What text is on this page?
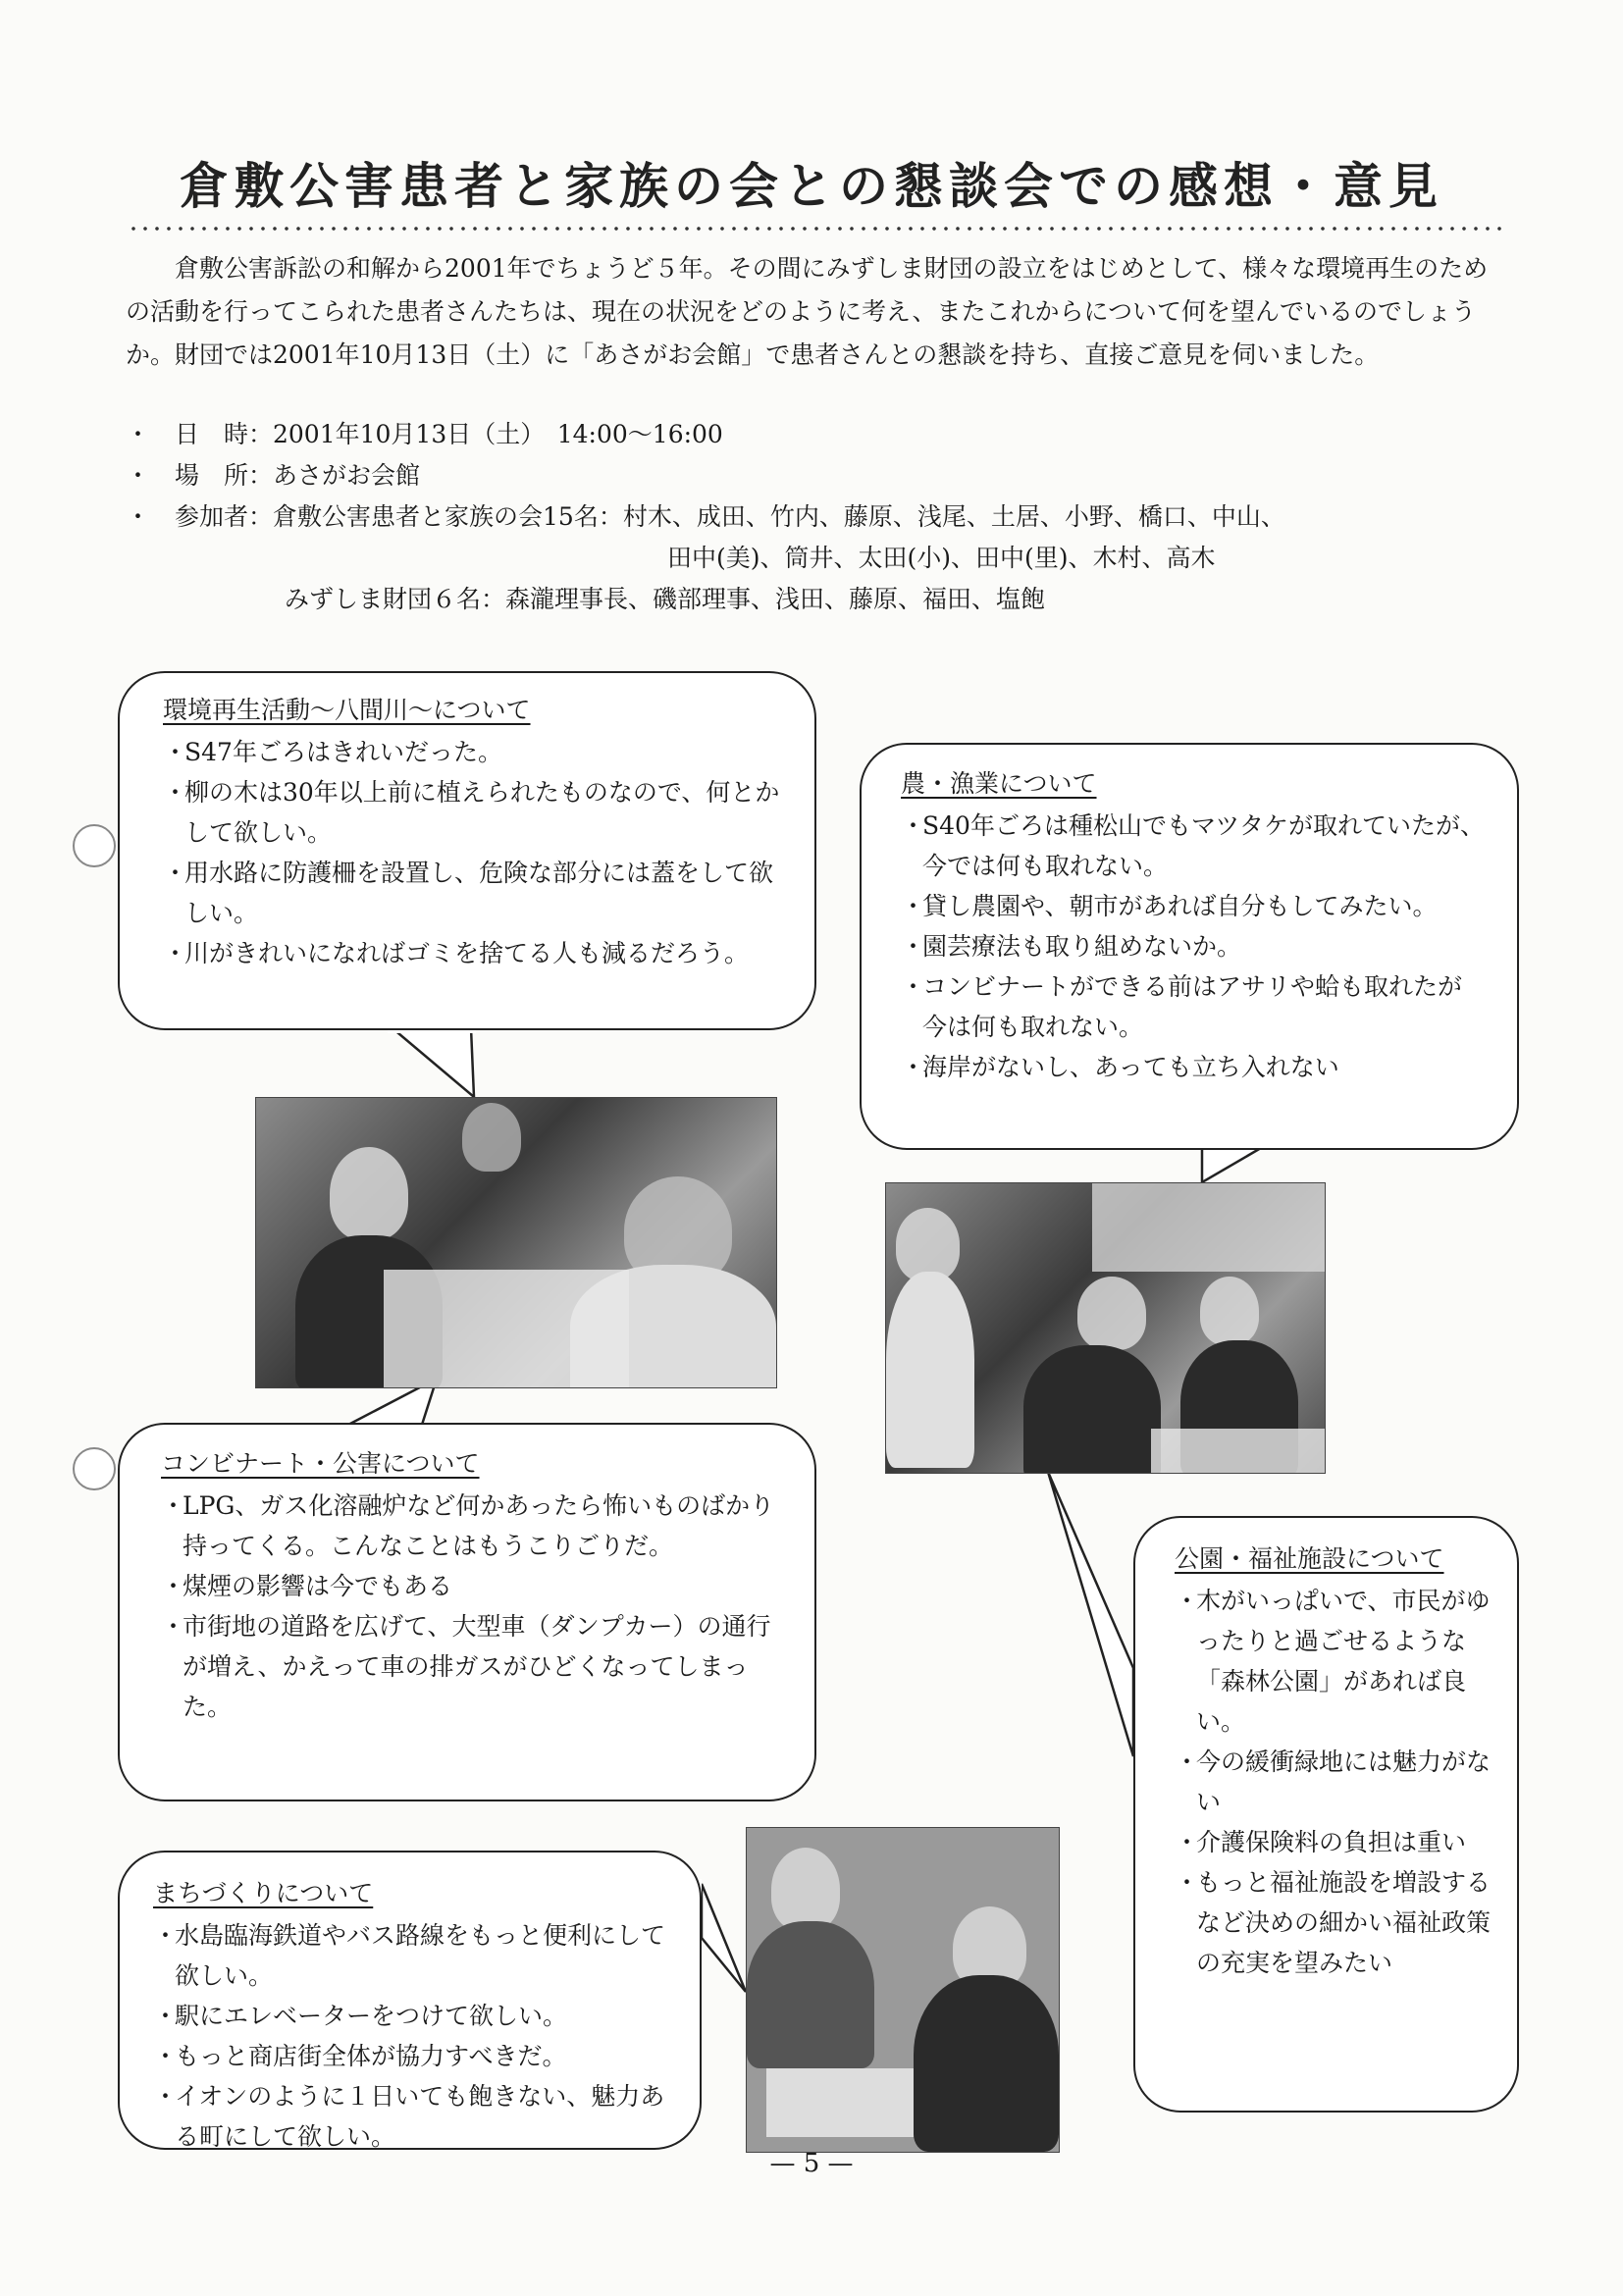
倉敷公害患者と家族の会との懇談会での感想・意見

倉敷公害訴訟の和解から2001年でちょうど５年。その間にみずしま財団の設立をはじめとして、様々な環境再生のための活動を行ってこられた患者さんたちは、現在の状況をどのように考え、またこれからについて何を望んでいるのでしょうか。財団では2001年10月13日（土）に「あさがお会館」で患者さんとの懇談を持ち、直接ご意見を伺いました。

・　日　時：2001年10月13日（土）　14:00〜16:00
・　場　所：あさがお会館
・　参加者：倉敷公害患者と家族の会15名：村木、成田、竹内、藤原、浅尾、土居、小野、橋口、中山、
田中(美)、筒井、太田(小)、田中(里)、木村、高木
みずしま財団６名：森瀧理事長、磯部理事、浅田、藤原、福田、塩飽
環境再生活動〜八間川〜について
・ S47年ごろはきれいだった。
・ 柳の木は30年以上前に植えられたものなので、何とかして欲しい。
・ 用水路に防護柵を設置し、危険な部分には蓋をして欲しい。
・ 川がきれいになればゴミを捨てる人も減るだろう。
農・漁業について
・ S40年ごろは種松山でもマツタケが取れていたが、今では何も取れない。
・ 貸し農園や、朝市があれば自分もしてみたい。
・ 園芸療法も取り組めないか。
・ コンビナートができる前はアサリや蛤も取れたが今は何も取れない。
・ 海岸がないし、あっても立ち入れない
コンビナート・公害について
・ LPG、ガス化溶融炉など何かあったら怖いものばかり持ってくる。こんなことはもうこりごりだ。
・ 煤煙の影響は今でもある
・ 市街地の道路を広げて、大型車（ダンプカー）の通行が増え、かえって車の排ガスがひどくなってしまった。
公園・福祉施設について
・ 木がいっぱいで、市民がゆったりと過ごせるような「森林公園」があれば良い。
・ 今の緩衝緑地には魅力がない
・ 介護保険料の負担は重い
・ もっと福祉施設を増設するなど決めの細かい福祉政策の充実を望みたい
まちづくりについて
・ 水島臨海鉄道やバス路線をもっと便利にして欲しい。
・ 駅にエレベーターをつけて欲しい。
・ もっと商店街全体が協力すべきだ。
・ イオンのように１日いても飽きない、魅力ある町にして欲しい。
— 5 —
